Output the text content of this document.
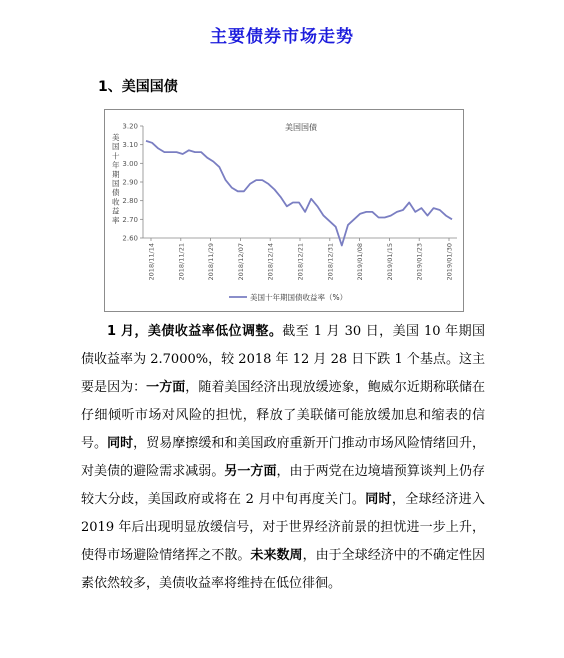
主要债券市场走势
1、美国国债
美国国债
3.20
3.10
3.00
2.90
2.80
2.70
2.60
美国十年期国债收益率
2018/11/14	2018/11/21	2018/11/29	2018/12/07	2018/12/14	2018/12/21	2018/12/31	2019/01/08	2019/01/15	2019/01/23	2019/01/30
美国十年期国债收益率（%）
1 月，美债收益率低位调整。截至 1 月 30 日，美国 10 年期国债收益率为 2.7000%，较 2018 年 12 月 28 日下跌 1 个基点。这主要是因为：一方面，随着美国经济出现放缓迹象，鲍威尔近期称联储在仔细倾听市场对风险的担忧，释放了美联储可能放缓加息和缩表的信号。同时，贸易摩擦缓和和美国政府重新开门推动市场风险情绪回升，对美债的避险需求减弱。另一方面，由于两党在边境墙预算谈判上仍存较大分歧，美国政府或将在 2 月中旬再度关门。同时，全球经济进入 2019 年后出现明显放缓信号，对于世界经济前景的担忧进一步上升，使得市场避险情绪挥之不散。未来数周，由于全球经济中的不确定性因素依然较多，美债收益率将维持在低位徘徊。
